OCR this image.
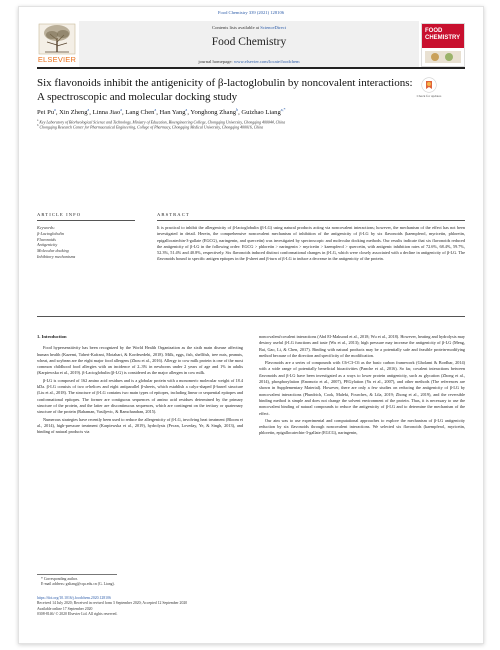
Food Chemistry 339 (2021) 128106
ELSEVIER
Contents lists available at ScienceDirect
Food Chemistry
journal homepage: www.elsevier.com/locate/foodchem
FOOD CHEMISTRY
Six flavonoids inhibit the antigenicity of β-lactoglobulin by noncovalent interactions: A spectroscopic and molecular docking study	Check for updates
Pei Pu$^a$, Xin Zheng$^a$, Linna Jiao$^a$, Lang Chen$^a$, Han Yang$^a$, Yonghong Zhang$^b$, Guizhao Liang$^{a,*}$
$^a$ Key Laboratory of Biorheological Science and Technology, Ministry of Education, Bioengineering College, Chongqing University, Chongqing 400044, China
$^b$ Chongqing Research Center for Pharmaceutical Engineering, College of Pharmacy, Chongqing Medical University, Chongqing 400016, China
ARTICLE INFO	ABSTRACT
Keywords:
β-Lactoglobulin
Flavonoids
Antigenicity
Molecular docking
Inhibitory mechanisms
It is practical to inhibit the allergenicity of β-lactoglobulin (β-LG) using natural products acting via noncovalent interactions; however, the mechanism of the effect has not been investigated in detail. Herein, the comprehensive noncovalent mechanism of inhibition of the antigenicity of β-LG by six flavonoids (kaempferol, myricetin, phloretin, epigallocatechin-3-gallate (EGCG), naringenin, and quercetin) was investigated by spectroscopic and molecular docking methods. Our results indicate that six flavonoids reduced the antigenicity of β-LG in the following order: EGCG > phloretin > naringenin > myricetin > kaempferol > quercetin, with antigenic inhibition rates of 72.6%, 68.4%, 59.7%, 52.3%, 51.4% and 40.8%, respectively. Six flavonoids induced distinct conformational changes in β-LG, which were closely associated with a decline in antigenicity of β-LG. The flavonoids bound to specific antigen epitopes in the β-sheet and β-turn of β-LG to induce a decrease in the antigenicity of the protein.
1. Introduction

Food hypersensitivity has been recognized by the World Health Organization as the sixth main disease affecting human health (Kazemi, Taheri-Kafrani, Motahari, & Kordesedehi, 2018). Milk, eggs, fish, shellfish, tree nuts, peanuts, wheat, and soybean are the eight major food allergens (Zhou et al., 2016). Allergy to cow milk protein is one of the most common childhood food allergies with an incidence of 2–3% in newborns under 2 years of age and 1% in adults (Karpiewska et al., 2019). β-Lactoglobulin (β-LG) is considered as the major allergen in cow milk.

β-LG is composed of 162 amino acid residues and is a globular protein with a monomeric molecular weight of 18.4 kDa. β-LG consists of two α-helices and eight antiparallel β-sheets, which establish a calyx-shaped β-barrel structure (Liu et al., 2018). The structure of β-LG contains two main types of epitopes, including linear or sequential epitopes and conformational epitopes. The former are contiguous sequences of amino acid residues determined by the primary structure of the protein, and the latter are discontinuous sequences, which are contingent on the tertiary or quaternary structure of the protein (Rahaman, Vasiljevic, & Ramchandran, 2015).

Numerous strategies have recently been used to reduce the allergenicity of β-LG, involving heat treatment (Bloom et al., 2014), high-pressure treatment (Karpiewska et al., 2019), hydrolysis (Pecan, Loveday, Ye, & Singh, 2013), and binding of natural products via

noncovalent/covalent interactions (Abd El-Maksoud et al., 2018; Wu et al., 2018). However, heating and hydrolysis may destroy useful β-LG functions and taste (Wu et al., 2013); high pressure may increase the antigenicity of β-LG (Meng, Bai, Gao, Li, & Chen, 2017). Binding with natural products may be a potentially safe and feasible protein-modifying method because of the direction and specificity of the modification.

Flavonoids are a series of compounds with C6-C3-C6 as the basic carbon framework (Gholami & Bordbar, 2014) with a wide range of potentially beneficial bioactivities (Panche et al., 2016). So far, covalent interactions between flavonoids and β-LG have been investigated as a ways to lower protein antigenicity, such as glycation (Zhong et al., 2014), phosphorylation (Enomoto et al., 2007), PEGylation (Yu et al., 2007), and other methods (The references are shown in Supplementary Material). However, there are only a few studies on reducing the antigenicity of β-LG by noncovalent interactions (Plundrich, Cook, Maleki, Fourches, & Lila, 2019; Zhong et al., 2019), and the reversible binding method is simple and does not change the solvent environment of the protein. Thus, it is necessary to use the noncovalent binding of natural compounds to reduce the antigenicity of β-LG and to determine the mechanism of the effect.

Our aim was to use experimental and computational approaches to explore the mechanism of β-LG antigenicity reduction by six flavonoids through noncovalent interactions. We selected six flavonoids (kaempferol, myricetin, phloretin, epigallocatechin-3-gallate (EGCG), naringenin,

* Corresponding author.
E-mail address: gzliang@cqu.edu.cn (G. Liang).
https://doi.org/10.1016/j.foodchem.2020.128106
Received 14 July 2020; Received in revised form 3 September 2020; Accepted 12 September 2020
Available online 17 September 2020
0308-8146/ © 2020 Elsevier Ltd. All rights reserved.
